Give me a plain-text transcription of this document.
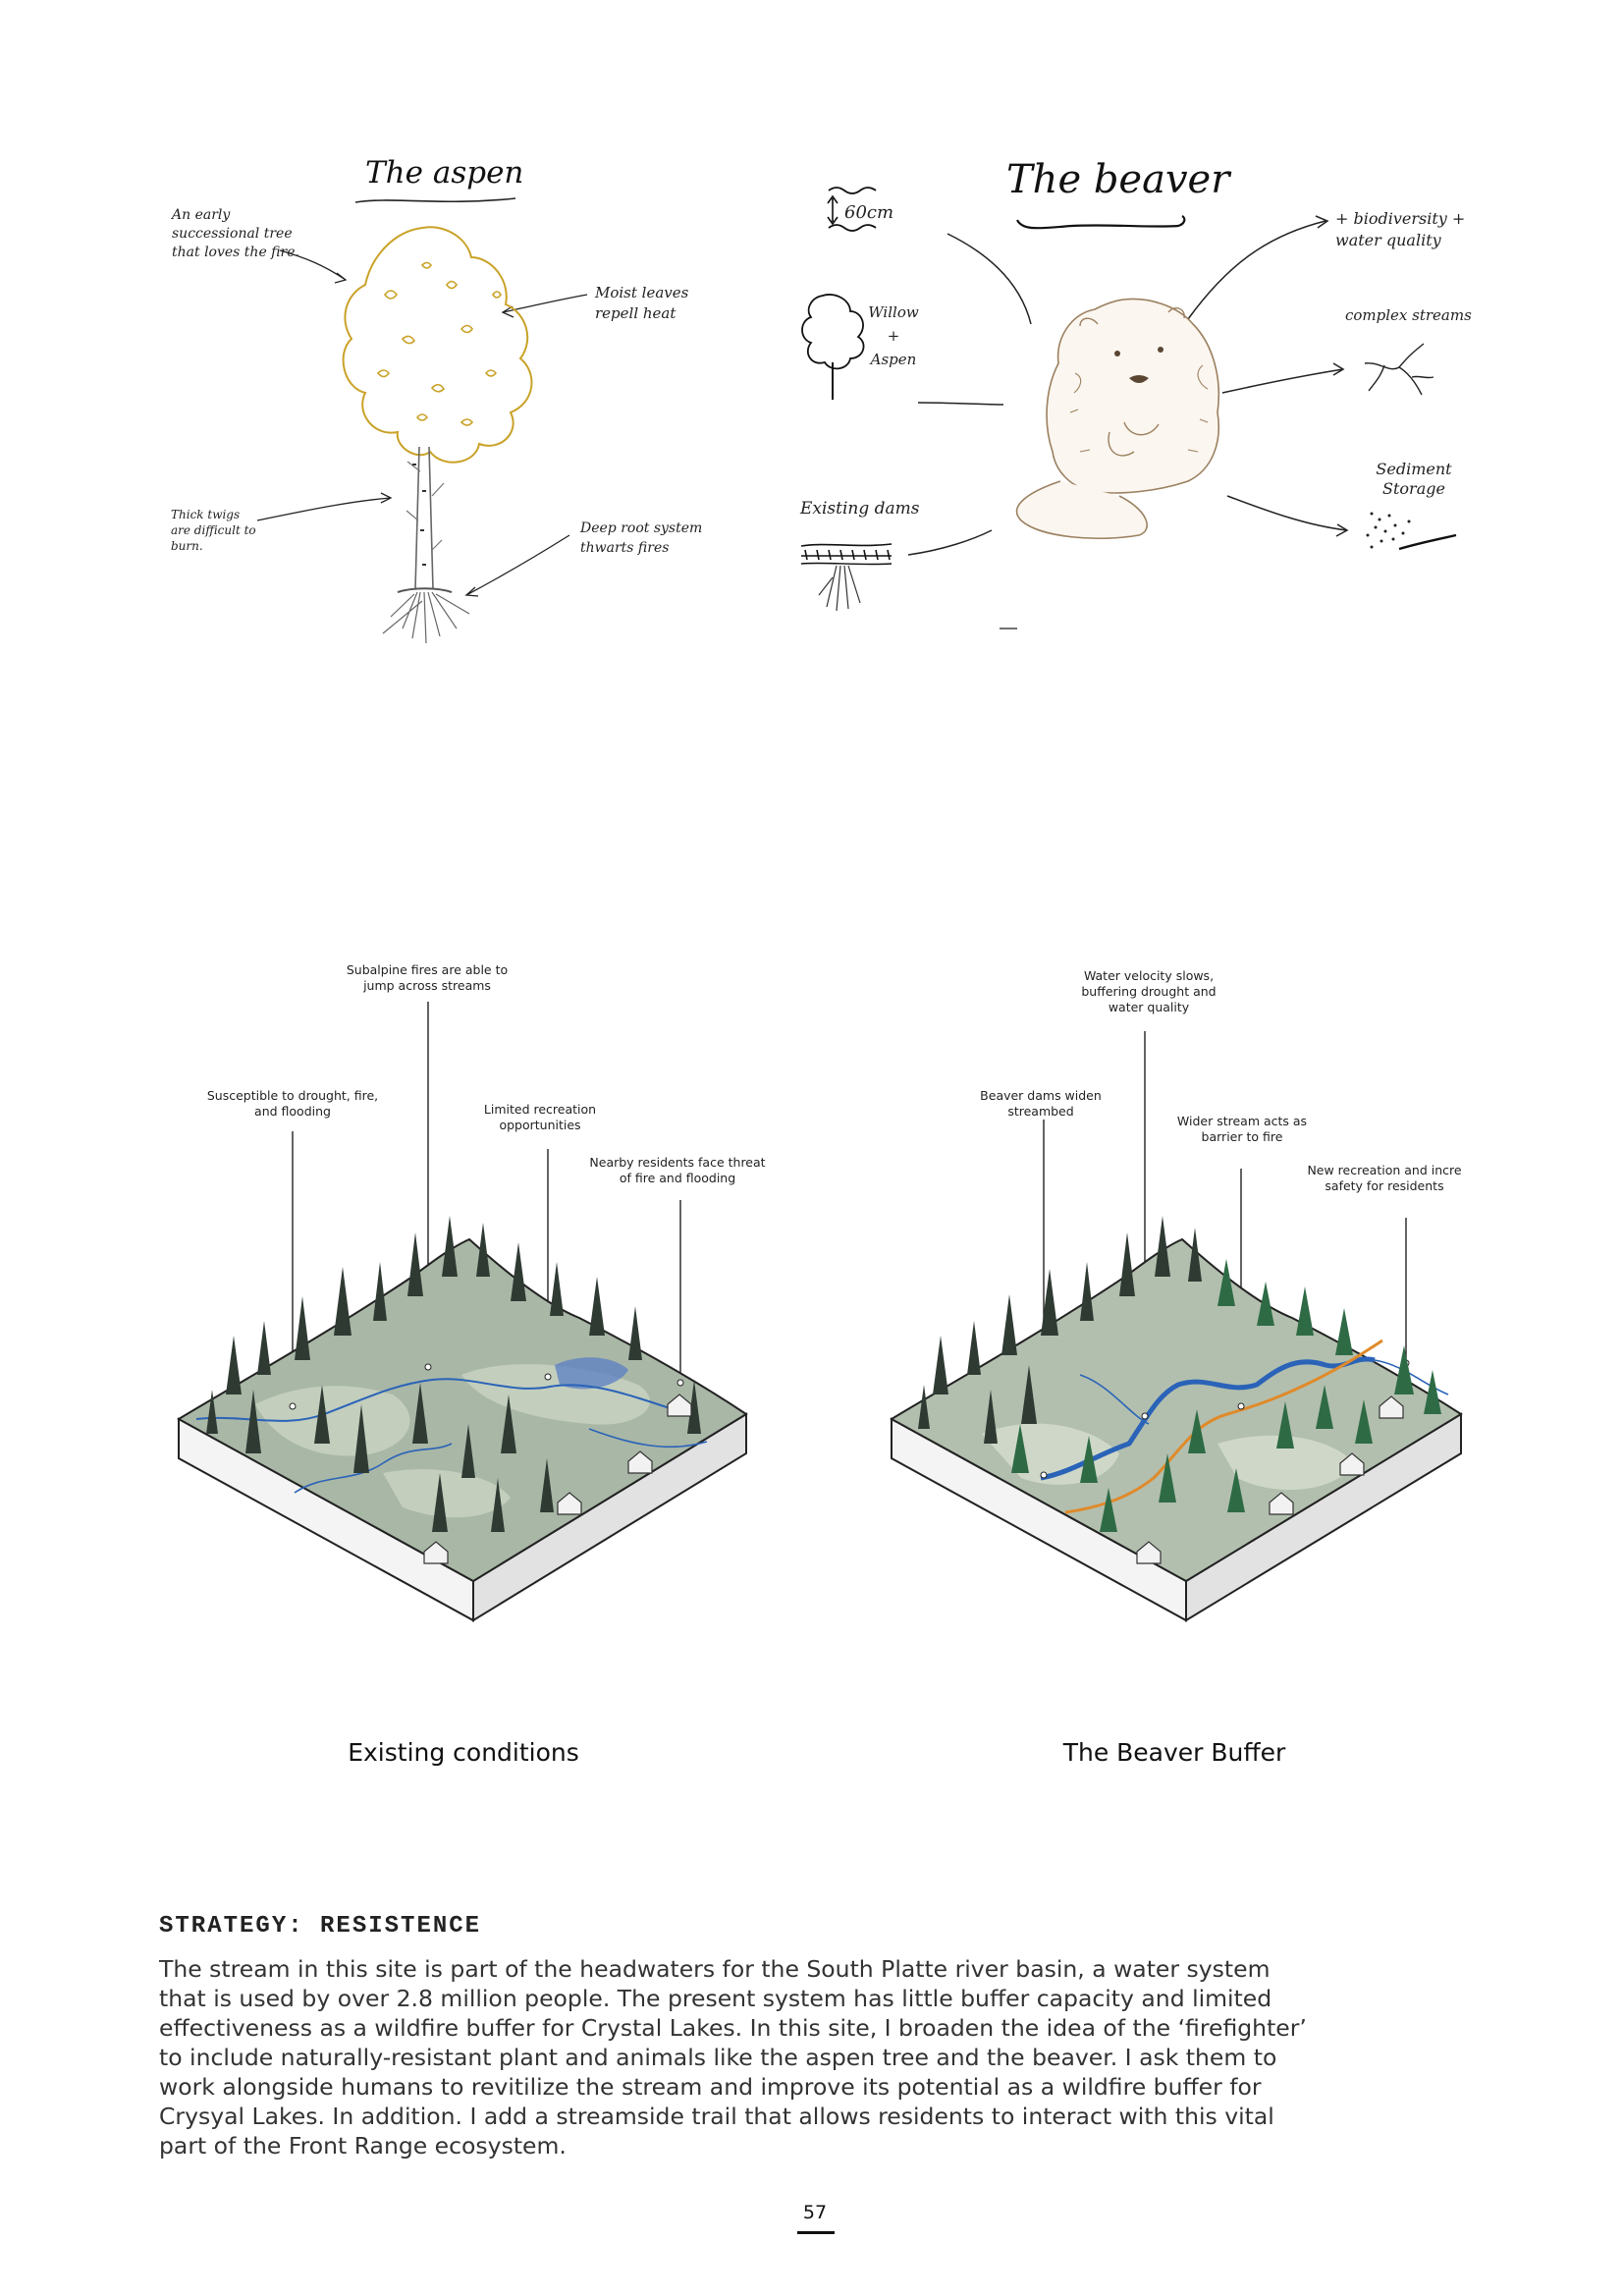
The aspen
An early successional tree that loves the fire.
Moist leaves repell heat
Thick twigs are difficult to burn.
Deep root system thwarts fires
The beaver
60cm
Willow + Aspen
Existing dams
+ biodiversity + water quality
complex streams
Sediment Storage
Subalpine fires are able to jump across streams
Susceptible to drought, fire, and flooding	Limited recreation opportunities
Nearby residents face threat of fire and flooding
Existing conditions
Water velocity slows, buffering drought and water quality
Beaver dams widen streambed
Wider stream acts as barrier to fire
New recreation and incre safety for residents
The Beaver Buffer
STRATEGY: RESISTENCE
The stream in this site is part of the headwaters for the South Platte river basin, a water system that is used by over 2.8 million people. The present system has little buffer capacity and limited effectiveness as a wildfire buffer for Crystal Lakes. In this site, I broaden the idea of the ‘firefighter’ to include naturally-resistant plant and animals like the aspen tree and the beaver. I ask them to work alongside humans to revitilize the stream and improve its potential as a wildfire buffer for Crysyal Lakes. In addition. I add a streamside trail that allows residents to interact with this vital part of the Front Range ecosystem.
57
